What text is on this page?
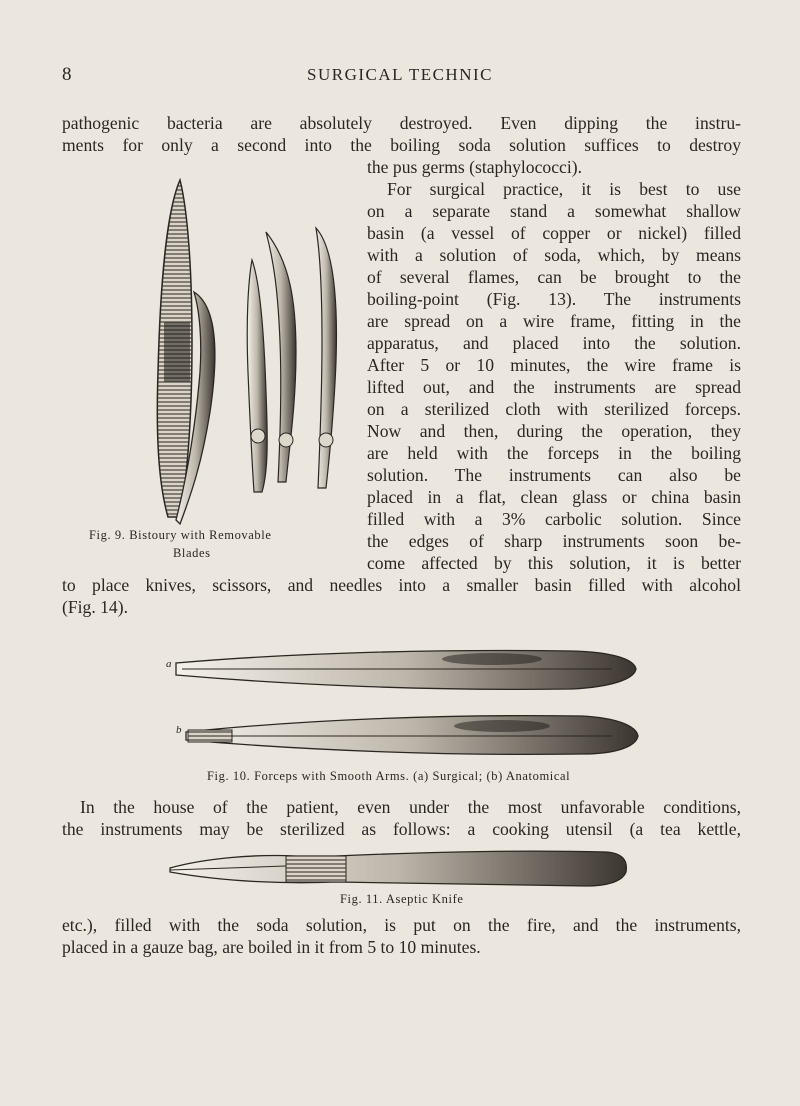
8	SURGICAL TECHNIC
pathogenic bacteria are absolutely destroyed. Even dipping the instru-
ments for only a second into the boiling soda solution suffices to destroy
the pus germs (staphylococci).
For surgical practice, it is best to use
on a separate stand a somewhat shallow
basin (a vessel of copper or nickel) filled
with a solution of soda, which, by means
of several flames, can be brought to the
boiling-point (Fig. 13). The instruments
are spread on a wire frame, fitting in the
apparatus, and placed into the solution.
After 5 or 10 minutes, the wire frame is
lifted out, and the instruments are spread
on a sterilized cloth with sterilized forceps.
Now and then, during the operation, they
are held with the forceps in the boiling
solution. The instruments can also be
placed in a flat, clean glass or china basin
filled with a 3% carbolic solution. Since
the edges of sharp instruments soon be-
come affected by this solution, it is better
to place knives, scissors, and needles into a smaller basin filled with alcohol
(Fig. 14).
Fig. 9. Bistoury with Removable
Blades
a
b
Fig. 10. Forceps with Smooth Arms. (a) Surgical; (b) Anatomical
In the house of the patient, even under the most unfavorable conditions,
the instruments may be sterilized as follows: a cooking utensil (a tea kettle,
Fig. 11. Aseptic Knife
etc.), filled with the soda solution, is put on the fire, and the instruments,
placed in a gauze bag, are boiled in it from 5 to 10 minutes.
